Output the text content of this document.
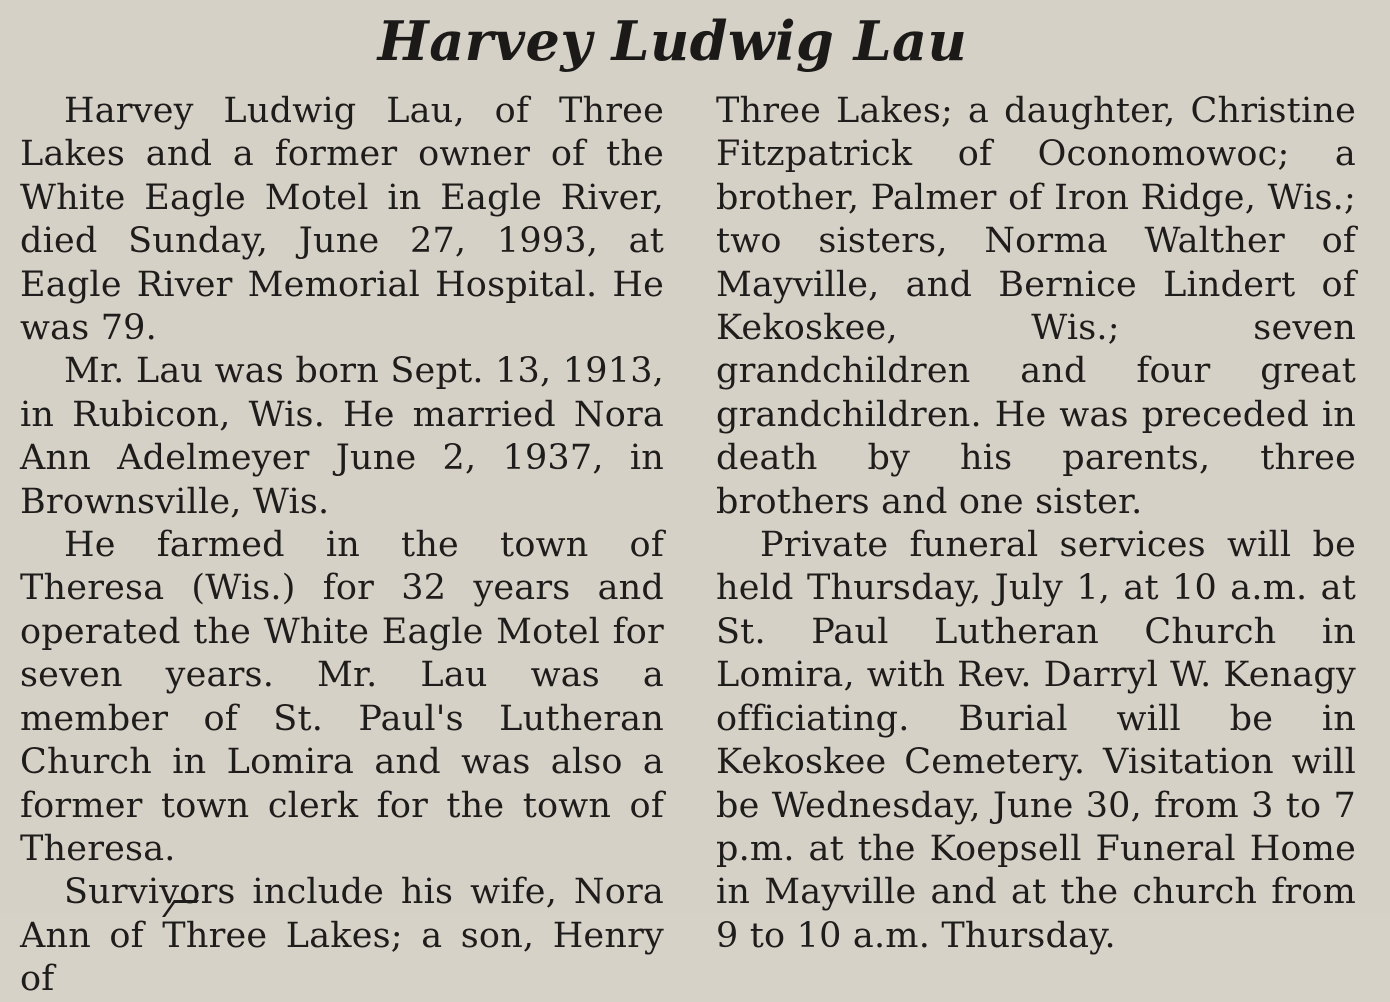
Harvey Ludwig Lau

Harvey Ludwig Lau, of Three Lakes and a former owner of the White Eagle Motel in Eagle River, died Sunday, June 27, 1993, at Eagle River Memorial Hospital. He was 79.

Mr. Lau was born Sept. 13, 1913, in Rubicon, Wis. He married Nora Ann Adelmeyer June 2, 1937, in Brownsville, Wis.

He farmed in the town of Theresa (Wis.) for 32 years and operated the White Eagle Motel for seven years. Mr. Lau was a member of St. Paul's Lutheran Church in Lomira and was also a former town clerk for the town of Theresa.

Survivors include his wife, Nora Ann of Three Lakes; a son, Henry of

Three Lakes; a daughter, Christine Fitzpatrick of Oconomowoc; a brother, Palmer of Iron Ridge, Wis.; two sisters, Norma Walther of Mayville, and Bernice Lindert of Kekoskee, Wis.; seven grandchildren and four great grandchildren. He was preceded in death by his parents, three brothers and one sister.

Private funeral services will be held Thursday, July 1, at 10 a.m. at St. Paul Lutheran Church in Lomira, with Rev. Darryl W. Kenagy officiating. Burial will be in Kekoskee Cemetery. Visitation will be Wednesday, June 30, from 3 to 7 p.m. at the Koepsell Funeral Home in Mayville and at the church from 9 to 10 a.m. Thursday.
